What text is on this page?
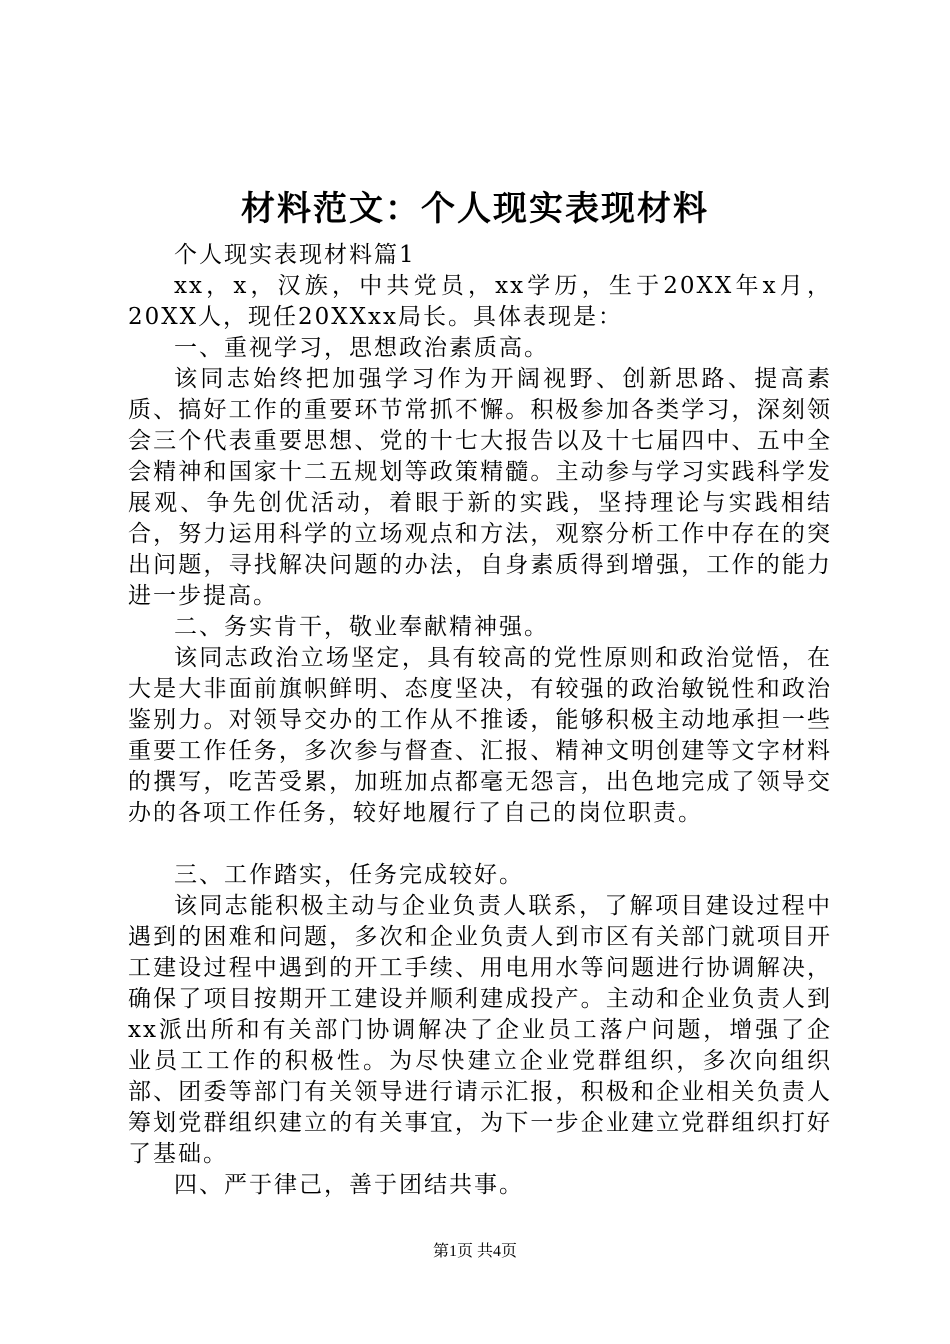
材料范文：个人现实表现材料

个人现实表现材料篇1

xx，x，汉族，中共党员，xx学历，生于20XX年x月，20XX人，现任20XXxx局长。具体表现是：

一、重视学习，思想政治素质高。

该同志始终把加强学习作为开阔视野、创新思路、提高素质、搞好工作的重要环节常抓不懈。积极参加各类学习，深刻领会三个代表重要思想、党的十七大报告以及十七届四中、五中全会精神和国家十二五规划等政策精髓。主动参与学习实践科学发展观、争先创优活动，着眼于新的实践，坚持理论与实践相结合，努力运用科学的立场观点和方法，观察分析工作中存在的突出问题，寻找解决问题的办法，自身素质得到增强，工作的能力进一步提高。

二、务实肯干，敬业奉献精神强。

该同志政治立场坚定，具有较高的党性原则和政治觉悟，在大是大非面前旗帜鲜明、态度坚决，有较强的政治敏锐性和政治鉴别力。对领导交办的工作从不推诿，能够积极主动地承担一些重要工作任务，多次参与督查、汇报、精神文明创建等文字材料的撰写，吃苦受累，加班加点都毫无怨言，出色地完成了领导交办的各项工作任务，较好地履行了自己的岗位职责。

三、工作踏实，任务完成较好。

该同志能积极主动与企业负责人联系，了解项目建设过程中遇到的困难和问题，多次和企业负责人到市区有关部门就项目开工建设过程中遇到的开工手续、用电用水等问题进行协调解决，确保了项目按期开工建设并顺利建成投产。主动和企业负责人到xx派出所和有关部门协调解决了企业员工落户问题，增强了企业员工工作的积极性。为尽快建立企业党群组织，多次向组织部、团委等部门有关领导进行请示汇报，积极和企业相关负责人筹划党群组织建立的有关事宜，为下一步企业建立党群组织打好了基础。

四、严于律己，善于团结共事。

第1页 共4页
